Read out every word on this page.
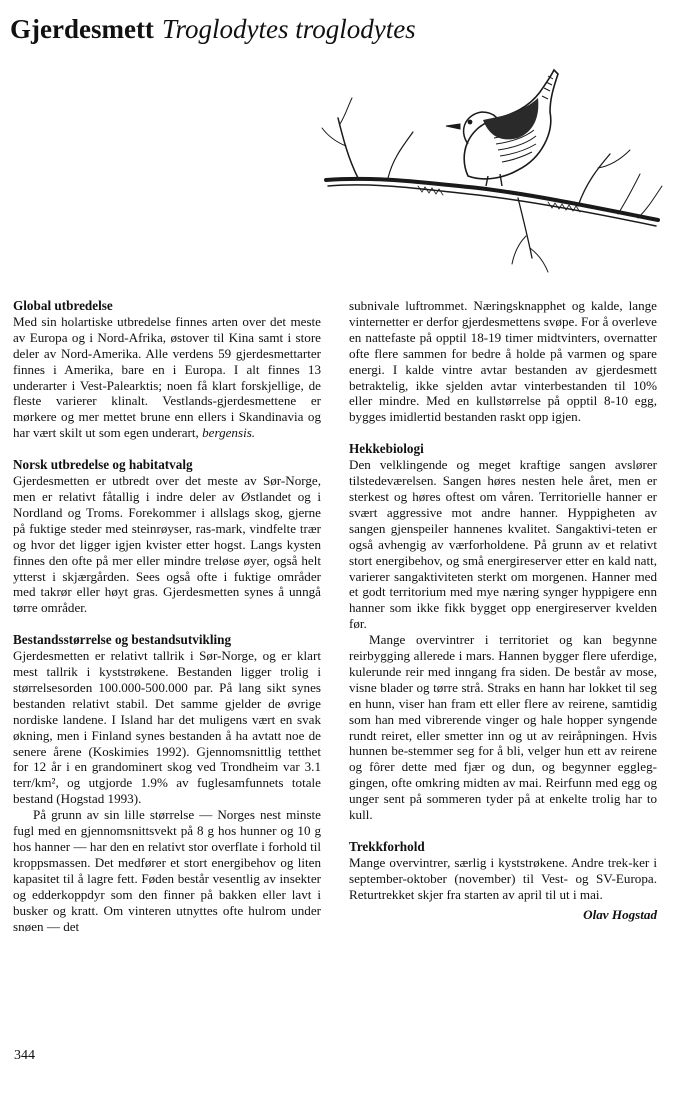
Gjerdesmett Troglodytes troglodytes
Global utbredelse

Med sin holartiske utbredelse finnes arten over det meste av Europa og i Nord-Afrika, østover til Kina samt i store deler av Nord-Amerika. Alle verdens 59 gjerdesmettarter finnes i Amerika, bare en i Europa. I alt finnes 13 underarter i Vest-Palearktis; noen få klart forskjellige, de fleste varierer klinalt. Vestlands-gjerdesmettene er mørkere og mer mettet brune enn ellers i Skandinavia og har vært skilt ut som egen underart, bergensis.

Norsk utbredelse og habitatvalg

Gjerdesmetten er utbredt over det meste av Sør-Norge, men er relativt fåtallig i indre deler av Østlandet og i Nordland og Troms. Forekommer i allslags skog, gjerne på fuktige steder med steinrøyser, ras-mark, vindfelte trær og hvor det ligger igjen kvister etter hogst. Langs kysten finnes den ofte på mer eller mindre treløse øyer, også helt ytterst i skjærgården. Sees også ofte i fuktige områder med takrør eller høyt gras. Gjerdesmetten synes å unngå tørre områder.

Bestandsstørrelse og bestandsutvikling

Gjerdesmetten er relativt tallrik i Sør-Norge, og er klart mest tallrik i kyststrøkene. Bestanden ligger trolig i størrelsesorden 100.000-500.000 par. På lang sikt synes bestanden relativt stabil. Det samme gjelder de øvrige nordiske landene. I Island har det muligens vært en svak økning, men i Finland synes bestanden å ha avtatt noe de senere årene (Koskimies 1992). Gjennomsnittlig tetthet for 12 år i en grandominert skog ved Trondheim var 3.1 terr/km², og utgjorde 1.9% av fuglesamfunnets totale bestand (Hogstad 1993).

På grunn av sin lille størrelse — Norges nest minste fugl med en gjennomsnittsvekt på 8 g hos hunner og 10 g hos hanner — har den en relativt stor overflate i forhold til kroppsmassen. Det medfører et stort energibehov og liten kapasitet til å lagre fett. Føden består vesentlig av insekter og edderkoppdyr som den finner på bakken eller lavt i busker og kratt. Om vinteren utnyttes ofte hulrom under snøen — det

subnivale luftrommet. Næringsknapphet og kalde, lange vinternetter er derfor gjerdesmettens svøpe. For å overleve en nattefaste på opptil 18-19 timer midtvinters, overnatter ofte flere sammen for bedre å holde på varmen og spare energi. I kalde vintre avtar bestanden av gjerdesmett betraktelig, ikke sjelden avtar vinterbestanden til 10% eller mindre. Med en kullstørrelse på opptil 8-10 egg, bygges imidlertid bestanden raskt opp igjen.

Hekkebiologi

Den velklingende og meget kraftige sangen avslører tilstedeværelsen. Sangen høres nesten hele året, men er sterkest og høres oftest om våren. Territorielle hanner er svært aggressive mot andre hanner. Hyppigheten av sangen gjenspeiler hannenes kvalitet. Sangaktivi-teten er også avhengig av værforholdene. På grunn av et relativt stort energibehov, og små energireserver etter en kald natt, varierer sangaktiviteten sterkt om morgenen. Hanner med et godt territorium med mye næring synger hyppigere enn hanner som ikke fikk bygget opp energireserver kvelden før.

Mange overvintrer i territoriet og kan begynne reirbygging allerede i mars. Hannen bygger flere uferdige, kulerunde reir med inngang fra siden. De består av mose, visne blader og tørre strå. Straks en hann har lokket til seg en hunn, viser han fram ett eller flere av reirene, samtidig som han med vibrerende vinger og hale hopper syngende rundt reiret, eller smetter inn og ut av reiråpningen. Hvis hunnen be-stemmer seg for å bli, velger hun ett av reirene og fôrer dette med fjær og dun, og begynner eggleg-gingen, ofte omkring midten av mai. Reirfunn med egg og unger sent på sommeren tyder på at enkelte trolig har to kull.

Trekkforhold

Mange overvintrer, særlig i kyststrøkene. Andre trek-ker i september-oktober (november) til Vest- og SV-Europa. Returtrekket skjer fra starten av april til ut i mai.

Olav Hogstad
344
